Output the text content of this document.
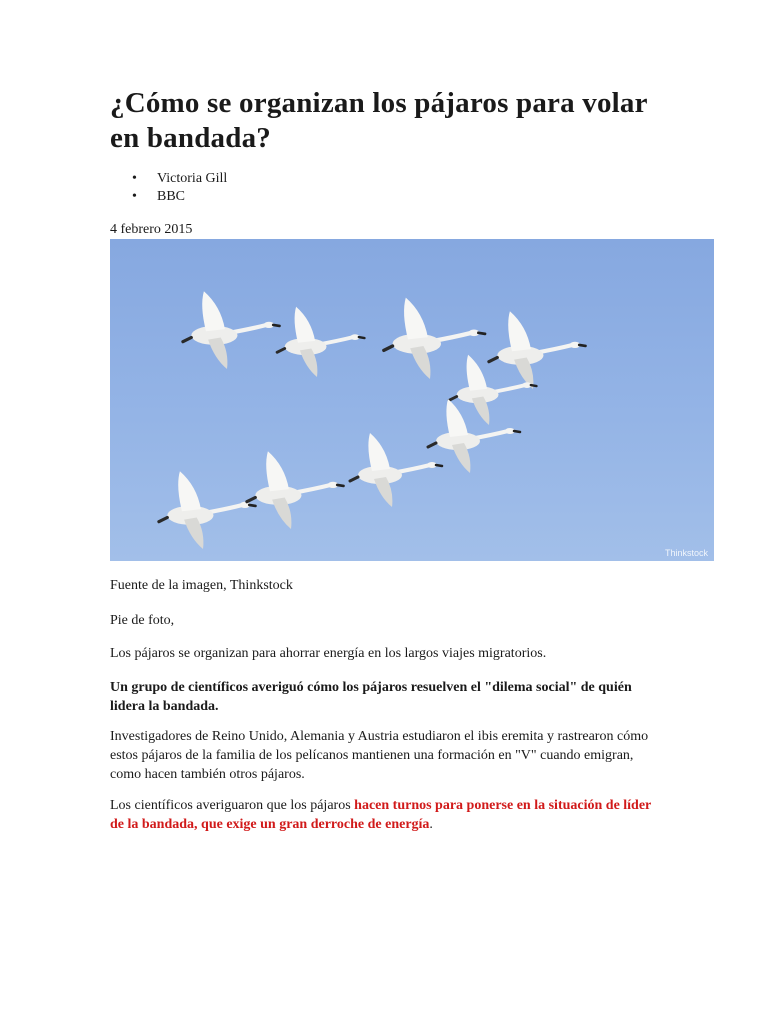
¿Cómo se organizan los pájaros para volar en bandada?
• Victoria Gill
• BBC
4 febrero 2015
Thinkstock
Fuente de la imagen, Thinkstock
Pie de foto,
Los pájaros se organizan para ahorrar energía en los largos viajes migratorios.
Un grupo de científicos averiguó cómo los pájaros resuelven el "dilema social" de quién lidera la bandada.
Investigadores de Reino Unido, Alemania y Austria estudiaron el ibis eremita y rastrearon cómo estos pájaros de la familia de los pelícanos mantienen una formación en "V" cuando emigran, como hacen también otros pájaros.
Los científicos averiguaron que los pájaros hacen turnos para ponerse en la situación de líder de la bandada, que exige un gran derroche de energía.
